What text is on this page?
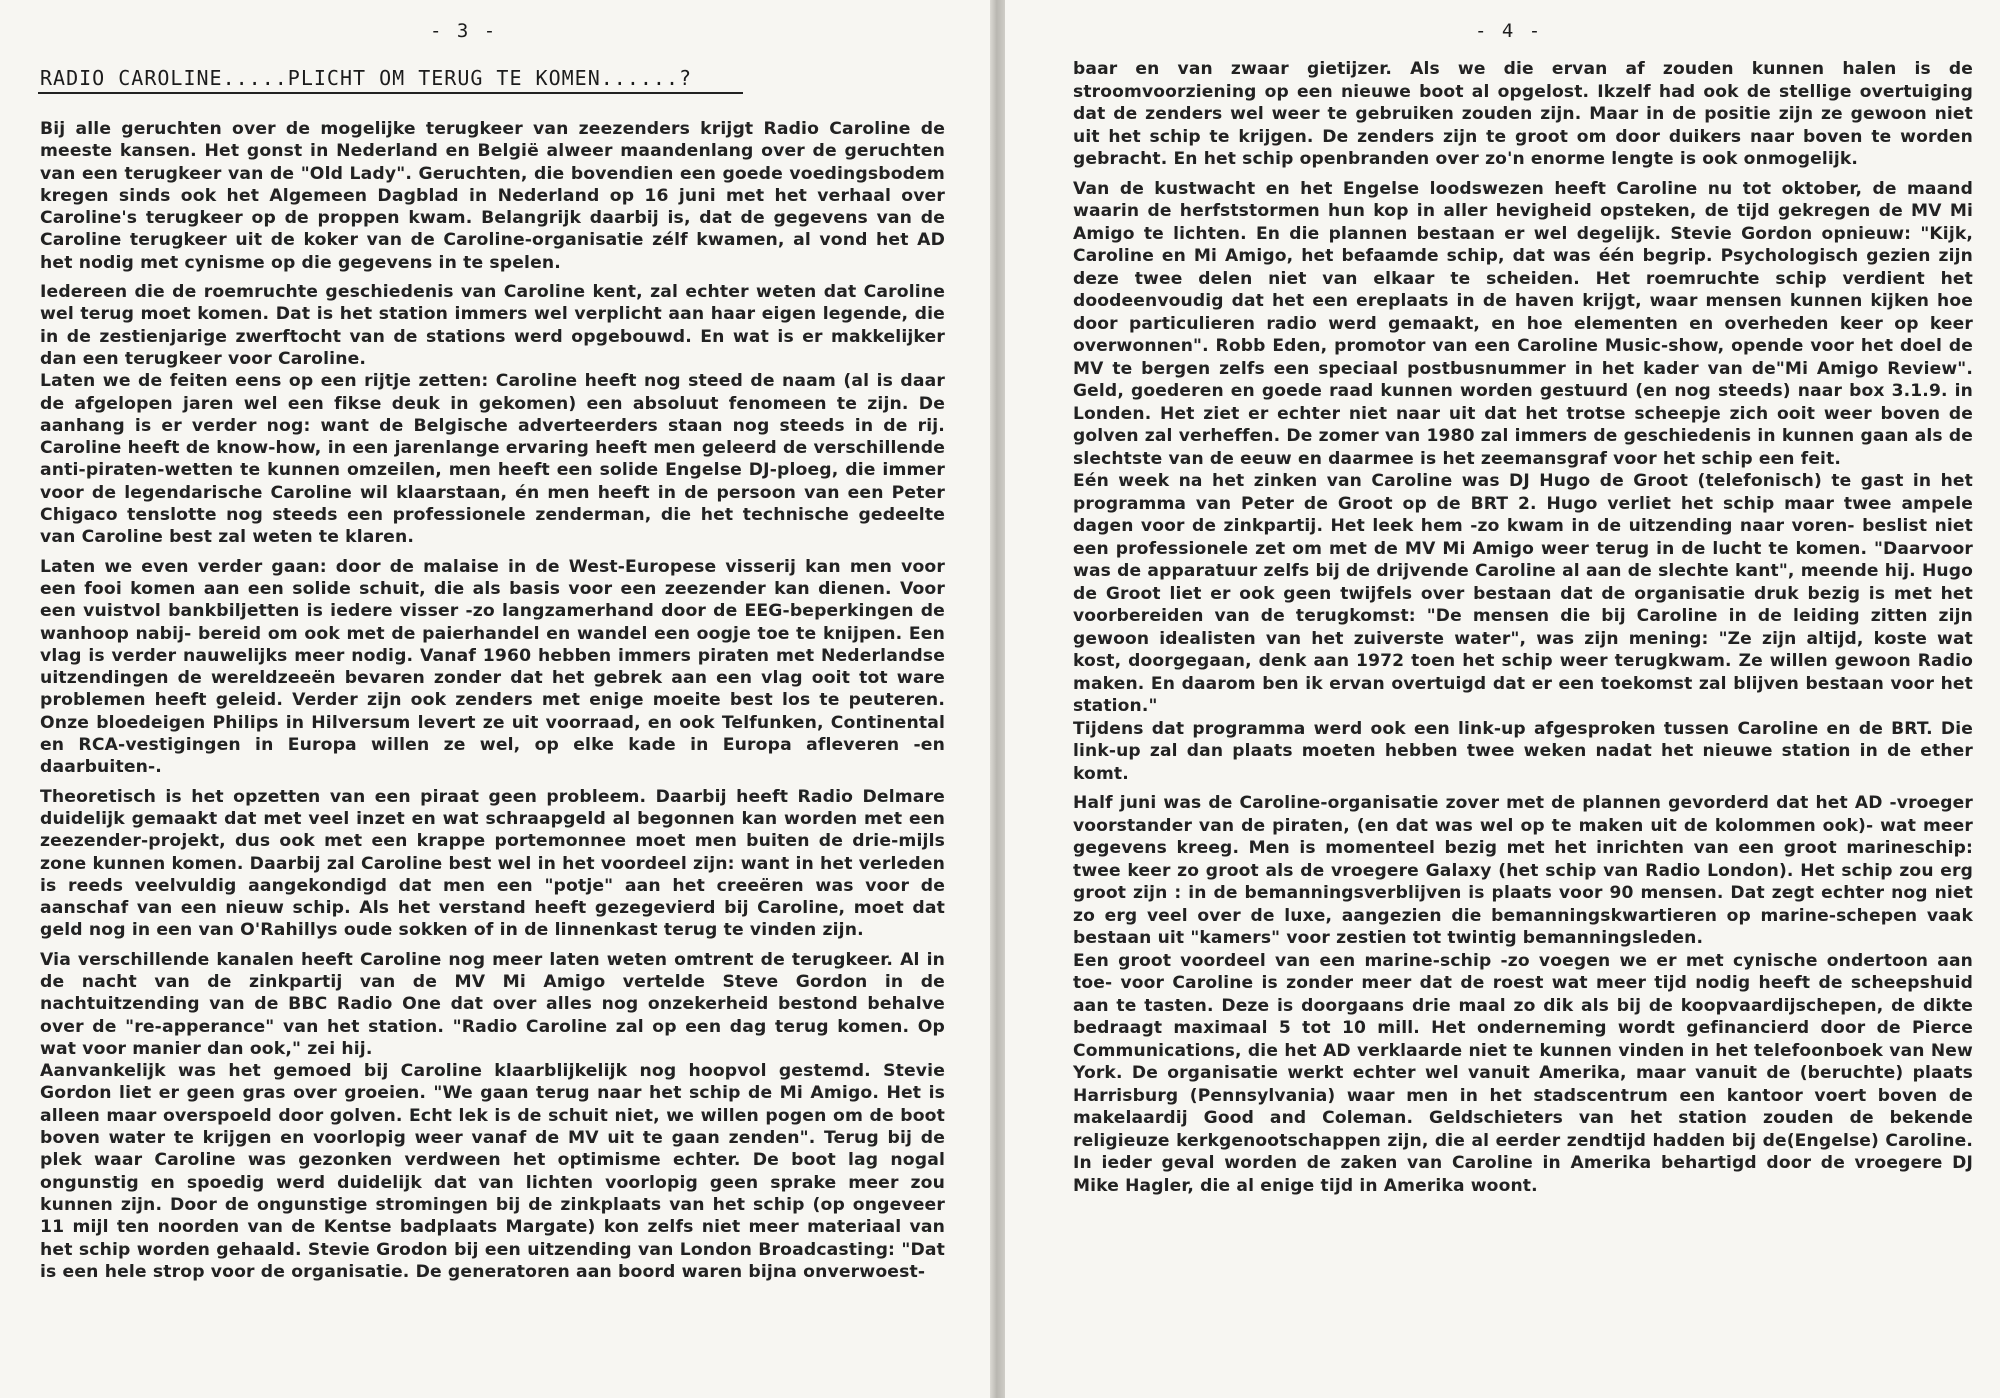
- 3 -

RADIO CAROLINE.....PLICHT OM TERUG TE KOMEN......?

Bij alle geruchten over de mogelijke terugkeer van zeezenders krijgt Radio Caroline de meeste kansen. Het gonst in Nederland en België alweer maandenlang over de geruchten van een terugkeer van de "Old Lady". Geruchten, die bovendien een goede voedingsbodem kregen sinds ook het Algemeen Dagblad in Nederland op 16 juni met het verhaal over Caroline's terugkeer op de proppen kwam. Belangrijk daarbij is, dat de gegevens van de Caroline terugkeer uit de koker van de Caroline-organisatie zélf kwamen, al vond het AD het nodig met cynisme op die gegevens in te spelen.

Iedereen die de roemruchte geschiedenis van Caroline kent, zal echter weten dat Caroline wel terug moet komen. Dat is het station immers wel verplicht aan haar eigen legende, die in de zestienjarige zwerftocht van de stations werd opgebouwd. En wat is er makkelijker dan een terugkeer voor Caroline.

Laten we de feiten eens op een rijtje zetten: Caroline heeft nog steed de naam (al is daar de afgelopen jaren wel een fikse deuk in gekomen) een absoluut fenomeen te zijn. De aanhang is er verder nog: want de Belgische adverteerders staan nog steeds in de rij. Caroline heeft de know-how, in een jarenlange ervaring heeft men geleerd de verschillende anti-piraten-wetten te kunnen omzeilen, men heeft een solide Engelse DJ-ploeg, die immer voor de legendarische Caroline wil klaarstaan, én men heeft in de persoon van een Peter Chigaco tenslotte nog steeds een professionele zenderman, die het technische gedeelte van Caroline best zal weten te klaren.

Laten we even verder gaan: door de malaise in de West-Europese visserij kan men voor een fooi komen aan een solide schuit, die als basis voor een zeezender kan dienen. Voor een vuistvol bankbiljetten is iedere visser -zo langzamerhand door de EEG-beperkingen de wanhoop nabij- bereid om ook met de paierhandel en wandel een oogje toe te knijpen. Een vlag is verder nauwelijks meer nodig. Vanaf 1960 hebben immers piraten met Nederlandse uitzendingen de wereldzeeën bevaren zonder dat het gebrek aan een vlag ooit tot ware problemen heeft geleid. Verder zijn ook zenders met enige moeite best los te peuteren. Onze bloedeigen Philips in Hilversum levert ze uit voorraad, en ook Telfunken, Continental en RCA-vestigingen in Europa willen ze wel, op elke kade in Europa afleveren -en daarbuiten-.

Theoretisch is het opzetten van een piraat geen probleem. Daarbij heeft Radio Delmare duidelijk gemaakt dat met veel inzet en wat schraapgeld al begonnen kan worden met een zeezender-projekt, dus ook met een krappe portemonnee moet men buiten de drie-mijls zone kunnen komen. Daarbij zal Caroline best wel in het voordeel zijn: want in het verleden is reeds veelvuldig aangekondigd dat men een "potje" aan het creeëren was voor de aanschaf van een nieuw schip. Als het verstand heeft gezegevierd bij Caroline, moet dat geld nog in een van O'Rahillys oude sokken of in de linnenkast terug te vinden zijn.

Via verschillende kanalen heeft Caroline nog meer laten weten omtrent de terugkeer. Al in de nacht van de zinkpartij van de MV Mi Amigo vertelde Steve Gordon in de nachtuitzending van de BBC Radio One dat over alles nog onzekerheid bestond behalve over de "re-apperance" van het station. "Radio Caroline zal op een dag terug komen. Op wat voor manier dan ook," zei hij.

Aanvankelijk was het gemoed bij Caroline klaarblijkelijk nog hoopvol gestemd. Stevie Gordon liet er geen gras over groeien. "We gaan terug naar het schip de Mi Amigo. Het is alleen maar overspoeld door golven. Echt lek is de schuit niet, we willen pogen om de boot boven water te krijgen en voorlopig weer vanaf de MV uit te gaan zenden". Terug bij de plek waar Caroline was gezonken verdween het optimisme echter. De boot lag nogal ongunstig en spoedig werd duidelijk dat van lichten voorlopig geen sprake meer zou kunnen zijn. Door de ongunstige stromingen bij de zinkplaats van het schip (op ongeveer 11 mijl ten noorden van de Kentse badplaats Margate) kon zelfs niet meer materiaal van het schip worden gehaald. Stevie Grodon bij een uitzending van London Broadcasting: "Dat is een hele strop voor de organisatie. De generatoren aan boord waren bijna onverwoest-

- 4 -

baar en van zwaar gietijzer. Als we die ervan af zouden kunnen halen is de stroomvoorziening op een nieuwe boot al opgelost. Ikzelf had ook de stellige overtuiging dat de zenders wel weer te gebruiken zouden zijn. Maar in de positie zijn ze gewoon niet uit het schip te krijgen. De zenders zijn te groot om door duikers naar boven te worden gebracht. En het schip openbranden over zo'n enorme lengte is ook onmogelijk.

Van de kustwacht en het Engelse loodswezen heeft Caroline nu tot oktober, de maand waarin de herfststormen hun kop in aller hevigheid opsteken, de tijd gekregen de MV Mi Amigo te lichten. En die plannen bestaan er wel degelijk. Stevie Gordon opnieuw: "Kijk, Caroline en Mi Amigo, het befaamde schip, dat was één begrip. Psychologisch gezien zijn deze twee delen niet van elkaar te scheiden. Het roemruchte schip verdient het doodeenvoudig dat het een ereplaats in de haven krijgt, waar mensen kunnen kijken hoe door particulieren radio werd gemaakt, en hoe elementen en overheden keer op keer overwonnen". Robb Eden, promotor van een Caroline Music-show, opende voor het doel de MV te bergen zelfs een speciaal postbusnummer in het kader van de"Mi Amigo Review". Geld, goederen en goede raad kunnen worden gestuurd (en nog steeds) naar box 3.1.9. in Londen. Het ziet er echter niet naar uit dat het trotse scheepje zich ooit weer boven de golven zal verheffen. De zomer van 1980 zal immers de geschiedenis in kunnen gaan als de slechtste van de eeuw en daarmee is het zeemansgraf voor het schip een feit.

Eén week na het zinken van Caroline was DJ Hugo de Groot (telefonisch) te gast in het programma van Peter de Groot op de BRT 2. Hugo verliet het schip maar twee ampele dagen voor de zinkpartij. Het leek hem -zo kwam in de uitzending naar voren- beslist niet een professionele zet om met de MV Mi Amigo weer terug in de lucht te komen. "Daarvoor was de apparatuur zelfs bij de drijvende Caroline al aan de slechte kant", meende hij. Hugo de Groot liet er ook geen twijfels over bestaan dat de organisatie druk bezig is met het voorbereiden van de terugkomst: "De mensen die bij Caroline in de leiding zitten zijn gewoon idealisten van het zuiverste water", was zijn mening: "Ze zijn altijd, koste wat kost, doorgegaan, denk aan 1972 toen het schip weer terugkwam. Ze willen gewoon Radio maken. En daarom ben ik ervan overtuigd dat er een toekomst zal blijven bestaan voor het station."

Tijdens dat programma werd ook een link-up afgesproken tussen Caroline en de BRT. Die link-up zal dan plaats moeten hebben twee weken nadat het nieuwe station in de ether komt.

Half juni was de Caroline-organisatie zover met de plannen gevorderd dat het AD -vroeger voorstander van de piraten, (en dat was wel op te maken uit de kolommen ook)- wat meer gegevens kreeg. Men is momenteel bezig met het inrichten van een groot marineschip: twee keer zo groot als de vroegere Galaxy (het schip van Radio London). Het schip zou erg groot zijn : in de bemanningsverblijven is plaats voor 90 mensen. Dat zegt echter nog niet zo erg veel over de luxe, aangezien die bemanningskwartieren op marine-schepen vaak bestaan uit "kamers" voor zestien tot twintig bemanningsleden.

Een groot voordeel van een marine-schip -zo voegen we er met cynische ondertoon aan toe- voor Caroline is zonder meer dat de roest wat meer tijd nodig heeft de scheepshuid aan te tasten. Deze is doorgaans drie maal zo dik als bij de koopvaardijschepen, de dikte bedraagt maximaal 5 tot 10 mill. Het onderneming wordt gefinancierd door de Pierce Communications, die het AD verklaarde niet te kunnen vinden in het telefoonboek van New York. De organisatie werkt echter wel vanuit Amerika, maar vanuit de (beruchte) plaats Harrisburg (Pennsylvania) waar men in het stadscentrum een kantoor voert boven de makelaardij Good and Coleman. Geldschieters van het station zouden de bekende religieuze kerkgenootschappen zijn, die al eerder zendtijd hadden bij de(Engelse) Caroline. In ieder geval worden de zaken van Caroline in Amerika behartigd door de vroegere DJ Mike Hagler, die al enige tijd in Amerika woont.
